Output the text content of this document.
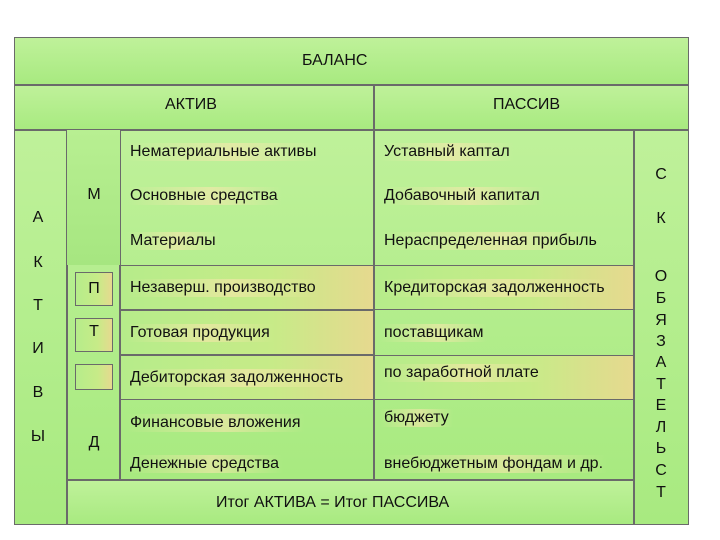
БАЛАНС
АКТИВ	ПАССИВ
А
К
Т
И
В
Ы
М
П
Т
Д
Нематериальные активы
Основные средства
Материалы
Незаверш. производство
Готовая продукция
Дебиторская задолженность
Финансовые вложения
Денежные средства
Уставный каптал
Добавочный капитал
Нераспределенная прибыль
Кредиторская задолженность
поставщикам
по заработной плате
бюджету
внебюджетным фондам и др.
С
К
О
Б
Я
З
А
Т
Е
Л
Ь
С
Т
Итог АКТИВА = Итог ПАССИВА
